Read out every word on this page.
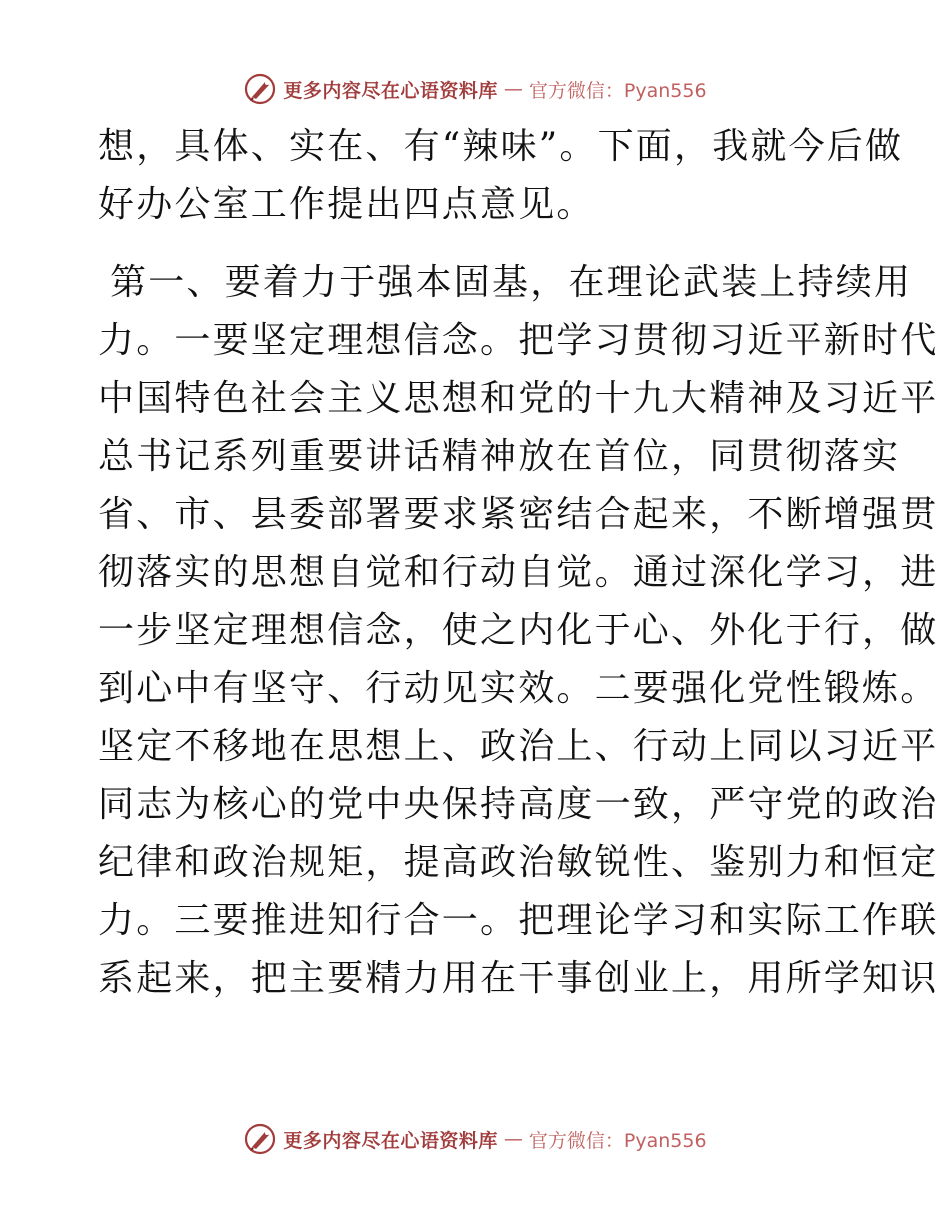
更多内容尽在心语资料库 — 官方微信：Pyan556
想，具体、实在、有“辣味”。下面，我就今后做
好办公室工作提出四点意见。
第一、要着力于强本固基，在理论武装上持续用
力。一要坚定理想信念。把学习贯彻习近平新时代
中国特色社会主义思想和党的十九大精神及习近平
总书记系列重要讲话精神放在首位，同贯彻落实
省、市、县委部署要求紧密结合起来，不断增强贯
彻落实的思想自觉和行动自觉。通过深化学习，进
一步坚定理想信念，使之内化于心、外化于行，做
到心中有坚守、行动见实效。二要强化党性锻炼。
坚定不移地在思想上、政治上、行动上同以习近平
同志为核心的党中央保持高度一致，严守党的政治
纪律和政治规矩，提高政治敏锐性、鉴别力和恒定
力。三要推进知行合一。把理论学习和实际工作联
系起来，把主要精力用在干事创业上，用所学知识
更多内容尽在心语资料库 — 官方微信：Pyan556
